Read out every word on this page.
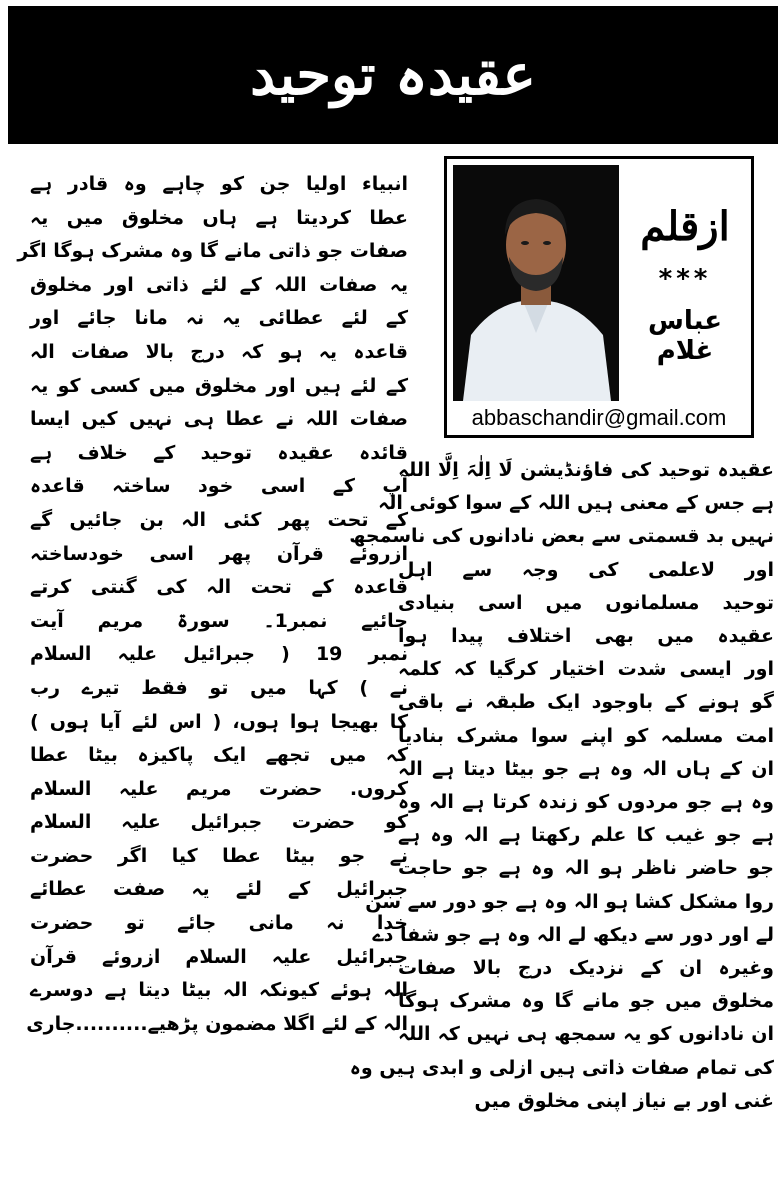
عقیدہ توحید
ازقلم
***
عباس
غلام
abbaschandir@gmail.com
عقیدہ توحید کی فاؤنڈیشن لَا اِلٰہَ اِلَّا اللہ
ہے جس کے معنی ہیں اللہ کے سوا کوئی الہ
نہیں بد قسمتی سے بعض نادانوں کی ناسمجھ
اور لاعلمی کی وجہ سے اہل
توحید مسلمانوں میں اسی بنیادی
عقیدہ میں بھی اختلاف پیدا ہوا
اور ایسی شدت اختیار کرگیا کہ کلمہ
گو ہونے کے باوجود ایک طبقہ نے باقی
امت مسلمہ کو اپنے سوا مشرک بنادیا
ان کے ہاں الہ وہ ہے جو بیٹا دیتا ہے الہ
وہ ہے جو مردوں کو زندہ کرتا ہے الہ وہ
ہے جو غیب کا علم رکھتا ہے الہ وہ ہے
جو حاضر ناظر ہو الہ وہ ہے جو حاجت
روا مشکل کشا ہو الہ وہ ہے جو دور سے سن
لے اور دور سے دیکھ لے الہ وہ ہے جو شفا دے
وغیرہ ان کے نزدیک درج بالا صفات
مخلوق میں جو مانے گا وہ مشرک ہوگا
ان نادانوں کو یہ سمجھ ہی نہیں کہ اللہ
کی تمام صفات ذاتی ہیں ازلی و ابدی ہیں وہ
غنی اور بے نیاز اپنی مخلوق میں
انبیاء اولیا جن کو چاہے وہ قادر ہے
عطا کردیتا ہے ہاں مخلوق میں یہ
صفات جو ذاتی مانے گا وہ مشرک ہوگا اگر
یہ صفات اللہ کے لئے ذاتی اور مخلوق
کے لئے عطائی یہ نہ مانا جائے اور
قاعدہ یہ ہو کہ درج بالا صفات الہ
کے لئے ہیں اور مخلوق میں کسی کو یہ
صفات اللہ نے عطا ہی نہیں کیں ایسا
قائدہ عقیدہ توحید کے خلاف ہے
آپ کے اسی خود ساختہ قاعدہ
کے تحت پھر کئی الہ بن جائیں گے
ازروئے قرآن پھر اسی خودساختہ
قاعدہ کے تحت الہ کی گنتی کرتے
جائیے نمبر1۔ سورۃ مریم آیت
نمبر 19 ( جبرائیل علیہ السلام
نے ) کہا میں تو فقط تیرے رب
کا بھیجا ہوا ہوں، ( اس لئے آیا ہوں )
کہ میں تجھے ایک پاکیزہ بیٹا عطا
کروں. حضرت مریم علیہ السلام
کو حضرت جبرائیل علیہ السلام
نے جو بیٹا عطا کیا اگر حضرت
جبرائیل کے لئے یہ صفت عطائے
خدا نہ مانی جائے تو حضرت
جبرائیل علیہ السلام ازروئے قرآن
الہ ہوئے کیونکہ الہ بیٹا دیتا ہے دوسرے
الہ کے لئے اگلا مضمون پڑھیے..........جاری
